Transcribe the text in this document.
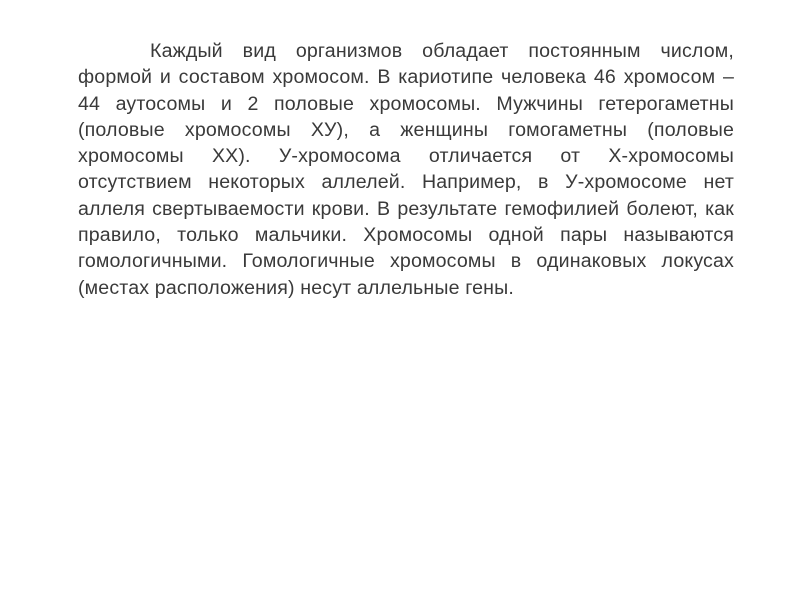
Каждый вид организмов обладает постоянным числом, формой и составом хромосом. В кариотипе человека 46 хромосом – 44 аутосомы и 2 половые хромосомы. Мужчины гетерогаметны (половые хромосомы ХУ), а женщины гомогаметны (половые хромосомы XX). У-хромосома отличается от Х-хромосомы отсутствием некоторых аллелей. Например, в У-хромосоме нет аллеля свертываемости крови. В результате гемофилией болеют, как правило, только мальчики. Хромосомы одной пары называются гомологичными. Гомологичные хромосомы в одинаковых локусах (местах расположения) несут аллельные гены.
